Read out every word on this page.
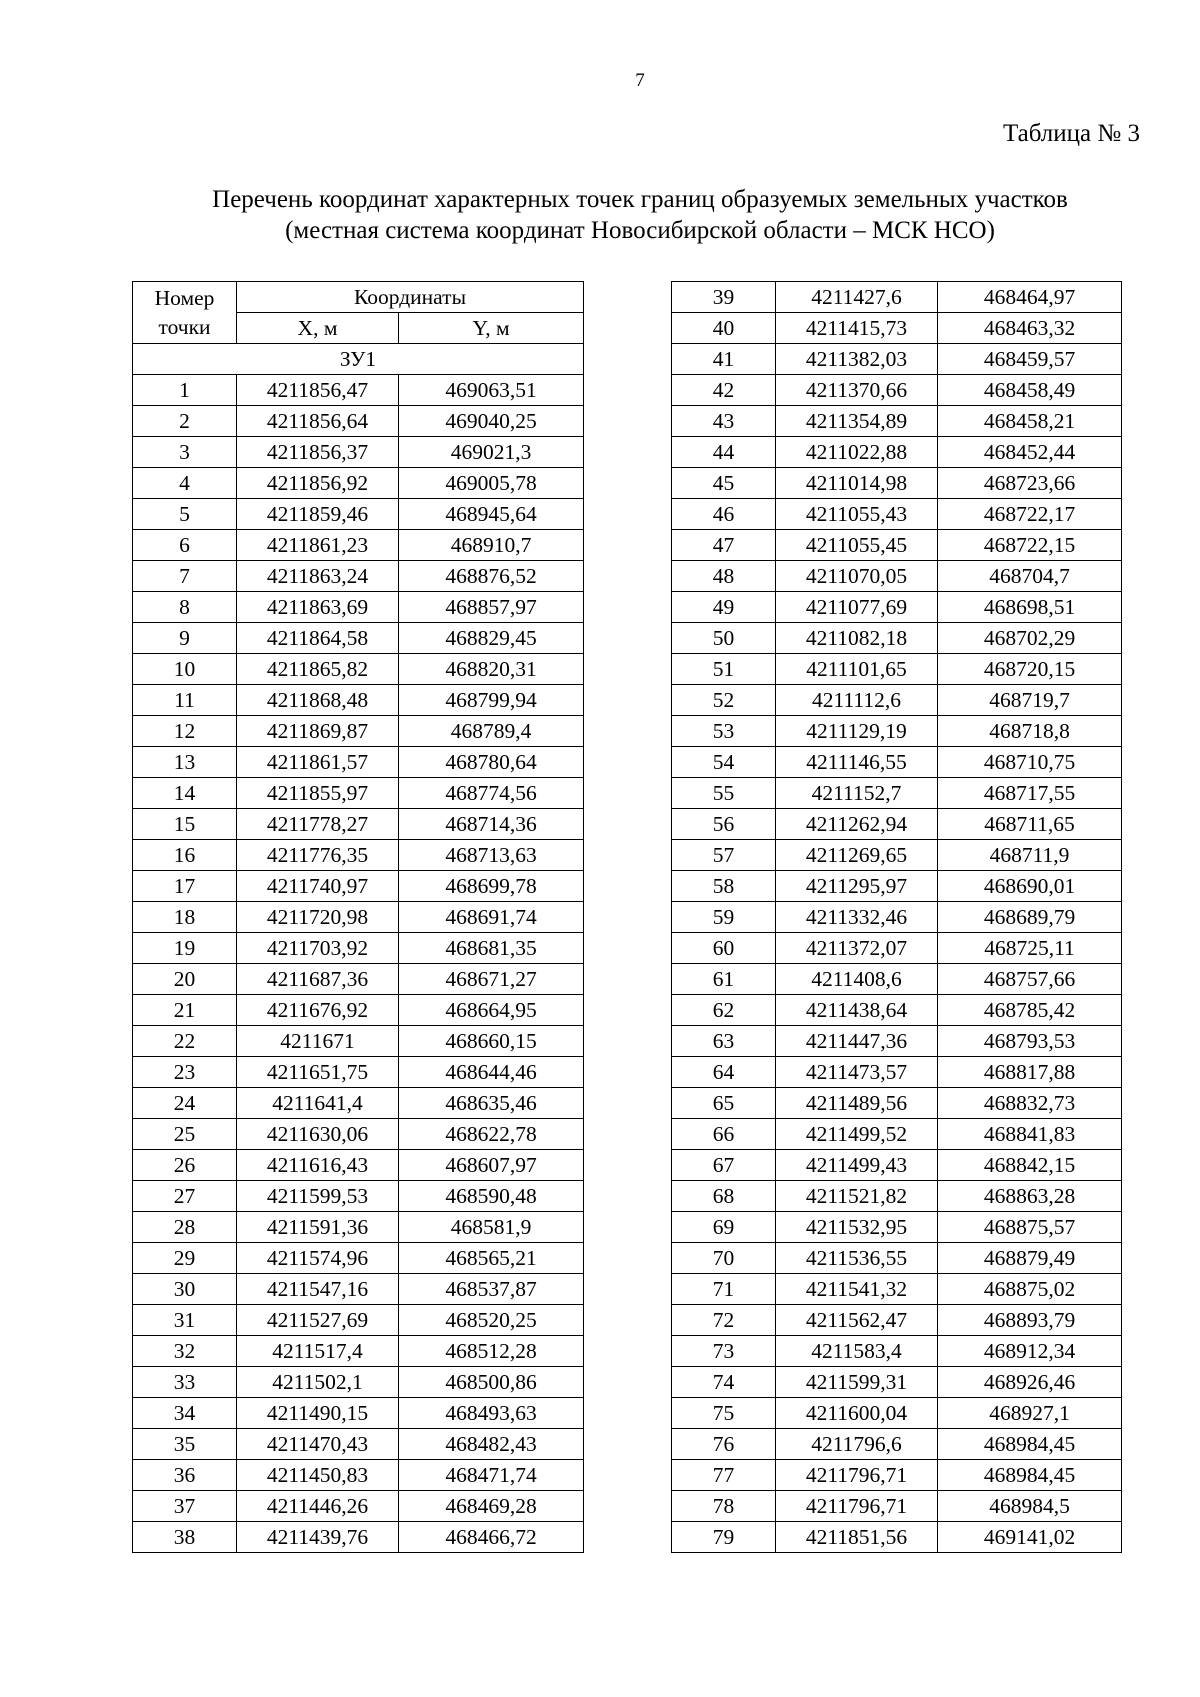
7
Таблица № 3
Перечень координат характерных точек границ образуемых земельных участков
(местная система координат Новосибирской области – МСК НСО)
Номер
точки	Координаты	
	X, м	Y, м
ЗУ1		
1	4211856,47	469063,51
2	4211856,64	469040,25
3	4211856,37	469021,3
4	4211856,92	469005,78
5	4211859,46	468945,64
6	4211861,23	468910,7
7	4211863,24	468876,52
8	4211863,69	468857,97
9	4211864,58	468829,45
10	4211865,82	468820,31
11	4211868,48	468799,94
12	4211869,87	468789,4
13	4211861,57	468780,64
14	4211855,97	468774,56
15	4211778,27	468714,36
16	4211776,35	468713,63
17	4211740,97	468699,78
18	4211720,98	468691,74
19	4211703,92	468681,35
20	4211687,36	468671,27
21	4211676,92	468664,95
22	4211671	468660,15
23	4211651,75	468644,46
24	4211641,4	468635,46
25	4211630,06	468622,78
26	4211616,43	468607,97
27	4211599,53	468590,48
28	4211591,36	468581,9
29	4211574,96	468565,21
30	4211547,16	468537,87
31	4211527,69	468520,25
32	4211517,4	468512,28
33	4211502,1	468500,86
34	4211490,15	468493,63
35	4211470,43	468482,43
36	4211450,83	468471,74
37	4211446,26	468469,28
38	4211439,76	468466,72
39	4211427,6	468464,97
40	4211415,73	468463,32
41	4211382,03	468459,57
42	4211370,66	468458,49
43	4211354,89	468458,21
44	4211022,88	468452,44
45	4211014,98	468723,66
46	4211055,43	468722,17
47	4211055,45	468722,15
48	4211070,05	468704,7
49	4211077,69	468698,51
50	4211082,18	468702,29
51	4211101,65	468720,15
52	4211112,6	468719,7
53	4211129,19	468718,8
54	4211146,55	468710,75
55	4211152,7	468717,55
56	4211262,94	468711,65
57	4211269,65	468711,9
58	4211295,97	468690,01
59	4211332,46	468689,79
60	4211372,07	468725,11
61	4211408,6	468757,66
62	4211438,64	468785,42
63	4211447,36	468793,53
64	4211473,57	468817,88
65	4211489,56	468832,73
66	4211499,52	468841,83
67	4211499,43	468842,15
68	4211521,82	468863,28
69	4211532,95	468875,57
70	4211536,55	468879,49
71	4211541,32	468875,02
72	4211562,47	468893,79
73	4211583,4	468912,34
74	4211599,31	468926,46
75	4211600,04	468927,1
76	4211796,6	468984,45
77	4211796,71	468984,45
78	4211796,71	468984,5
79	4211851,56	469141,02
